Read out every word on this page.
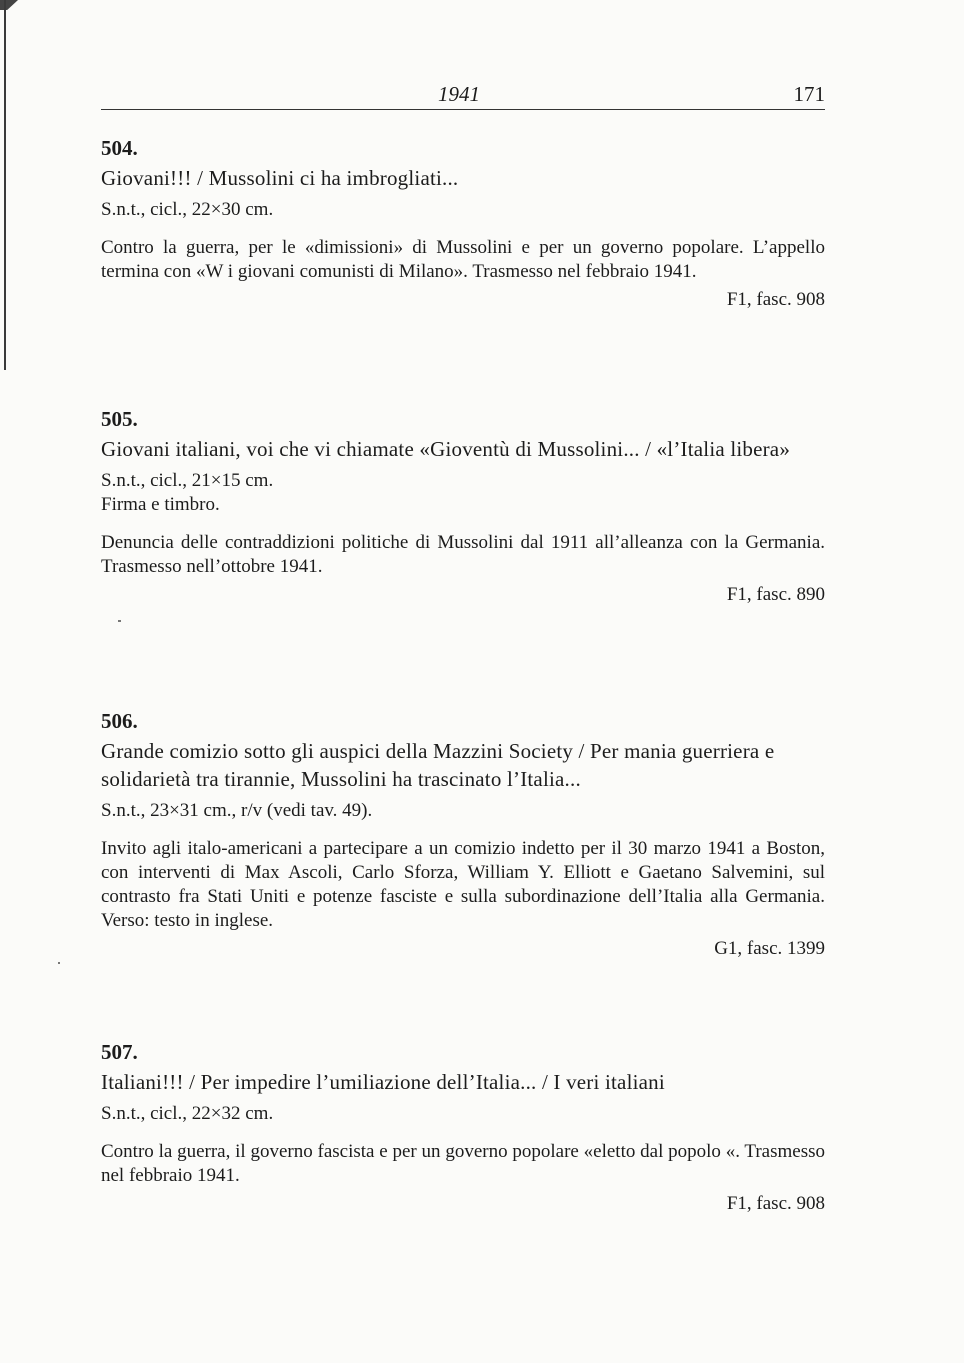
1941	171

504.

Giovani!!! / Mussolini ci ha imbrogliati...

S.n.t., cicl., 22×30 cm.

Contro la guerra, per le «dimissioni» di Mussolini e per un governo popolare. L’appello termina con «W i giovani comunisti di Milano». Trasmesso nel febbraio 1941.

F1, fasc. 908

505.

Giovani italiani, voi che vi chiamate «Gioventù di Mussolini... / «l’Italia libera»

S.n.t., cicl., 21×15 cm.

Firma e timbro.

Denuncia delle contraddizioni politiche di Mussolini dal 1911 all’alleanza con la Germania. Trasmesso nell’ottobre 1941.

F1, fasc. 890

506.

Grande comizio sotto gli auspici della Mazzini Society / Per mania guerriera e solidarietà tra tirannie, Mussolini ha trascinato l’Italia...

S.n.t., 23×31 cm., r/v (vedi tav. 49).

Invito agli italo-americani a partecipare a un comizio indetto per il 30 marzo 1941 a Boston, con interventi di Max Ascoli, Carlo Sforza, William Y. Elliott e Gaetano Salvemini, sul contrasto fra Stati Uniti e potenze fasciste e sulla subordinazione dell’Italia alla Germania. Verso: testo in inglese.

G1, fasc. 1399

507.

Italiani!!! / Per impedire l’umiliazione dell’Italia... / I veri italiani

S.n.t., cicl., 22×32 cm.

Contro la guerra, il governo fascista e per un governo popolare «eletto dal popolo «. Trasmesso nel febbraio 1941.

F1, fasc. 908
